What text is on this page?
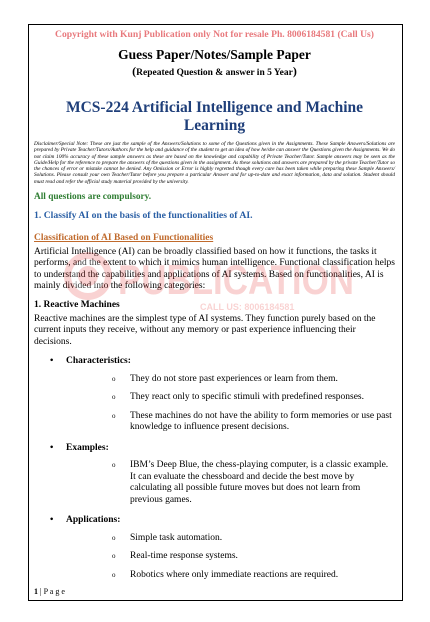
Copyright with Kunj Publication only Not for resale Ph. 8006184581 (Call Us)
Guess Paper/Notes/Sample Paper
(Repeated Question & answer in 5 Year)
MCS-224 Artificial Intelligence and Machine Learning
Disclaimer/Special Note: These are just the sample of the Answers/Solutions to some of the Questions given in the Assignments. These Sample Answers/Solutions are prepared by Private Teacher/Tutors/Authors for the help and guidance of the student to get an idea of how he/she can answer the Questions given the Assignments. We do not claim 100% accuracy of these sample answers as these are based on the knowledge and capability of Private Teacher/Tutor. Sample answers may be seen as the Guide/Help for the reference to prepare the answers of the questions given in the assignment. As these solutions and answers are prepared by the private Teacher/Tutor so the chances of error or mistake cannot be denied. Any Omission or Error is highly regretted though every care has been taken while preparing these Sample Answers/ Solutions. Please consult your own Teacher/Tutor before you prepare a particular Answer and for up-to-date and exact information, data and solution. Student should must read and refer the official study material provided by the university.
All questions are compulsory.
1. Classify AI on the basis of the functionalities of AI.
Classification of AI Based on Functionalities
Artificial Intelligence (AI) can be broadly classified based on how it functions, the tasks it performs, and the extent to which it mimics human intelligence. Functional classification helps to understand the capabilities and applications of AI systems. Based on functionalities, AI is mainly divided into the following categories:
1. Reactive Machines
Reactive machines are the simplest type of AI systems. They function purely based on the current inputs they receive, without any memory or past experience influencing their decisions.
• Characteristics:
o They do not store past experiences or learn from them.
o They react only to specific stimuli with predefined responses.
o These machines do not have the ability to form memories or use past knowledge to influence present decisions.
• Examples:
o IBM’s Deep Blue, the chess-playing computer, is a classic example. It can evaluate the chessboard and decide the best move by calculating all possible future moves but does not learn from previous games.
• Applications:
o Simple task automation.
o Real-time response systems.
o Robotics where only immediate reactions are required.
PUBLICATION
CALL US: 8006184581
1 | P a g e
